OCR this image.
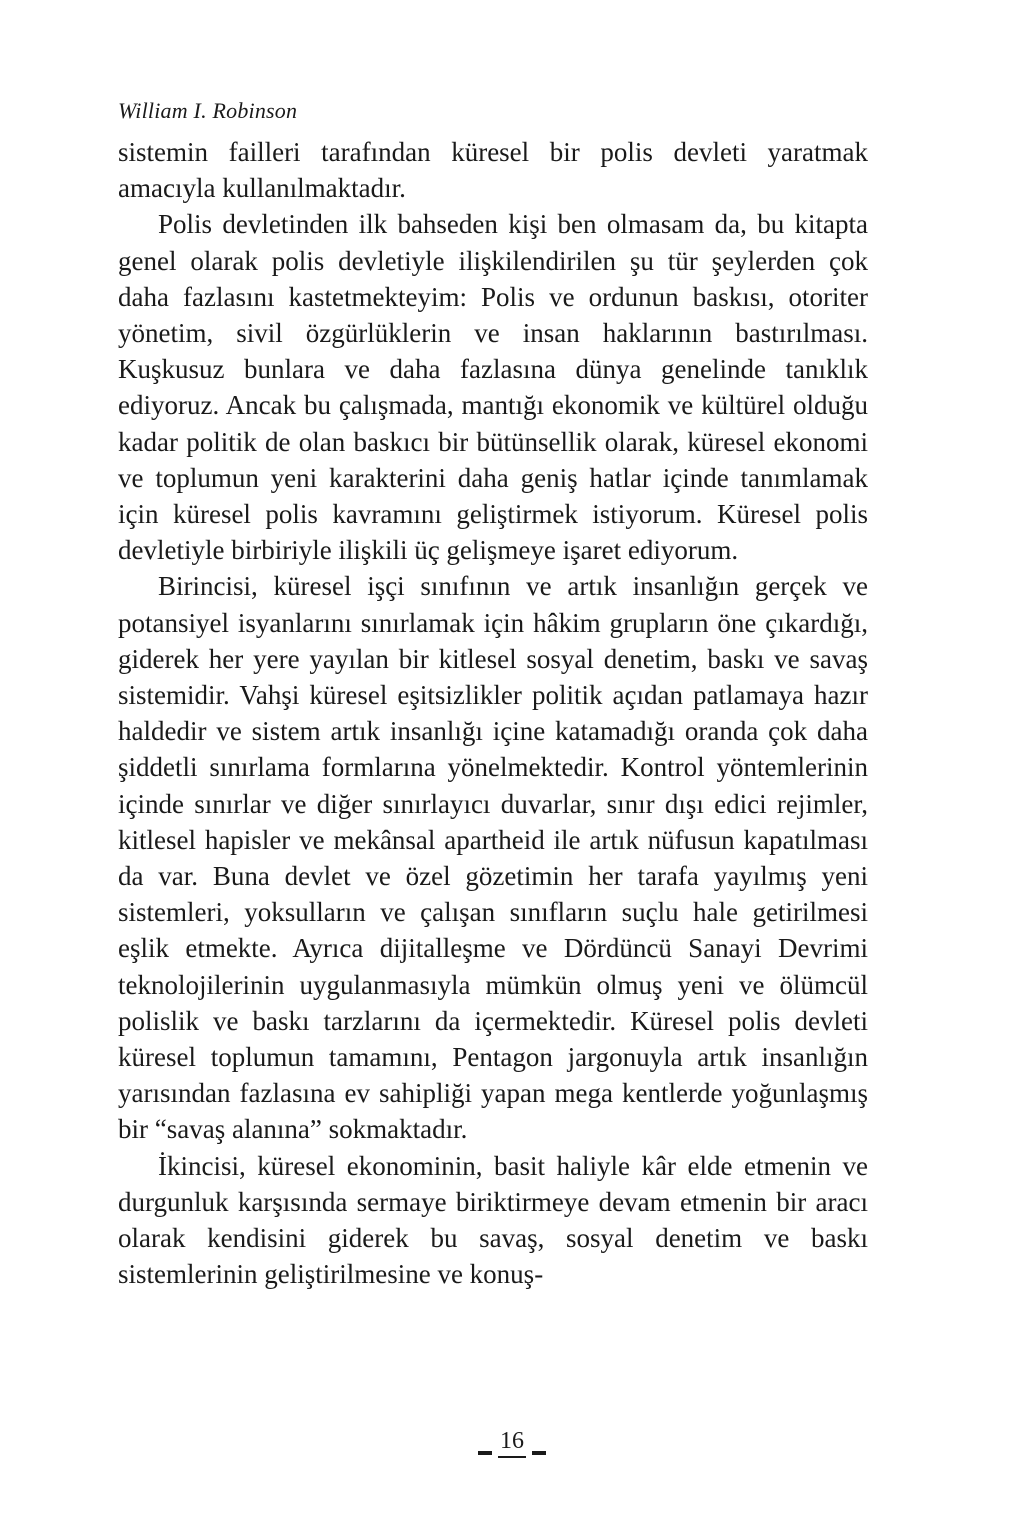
William I. Robinson

sistemin failleri tarafından küresel bir polis devleti yaratmak amacıyla kullanılmaktadır.

Polis devletinden ilk bahseden kişi ben olmasam da, bu kitapta genel olarak polis devletiyle ilişkilendirilen şu tür şeylerden çok daha fazlasını kastetmekteyim: Polis ve ordunun baskısı, otoriter yönetim, sivil özgürlüklerin ve insan haklarının bastırılması. Kuşkusuz bunlara ve daha fazlasına dünya genelinde tanıklık ediyoruz. Ancak bu çalışmada, mantığı ekonomik ve kültürel olduğu kadar politik de olan baskıcı bir bütünsellik olarak, küresel ekonomi ve toplumun yeni karakterini daha geniş hatlar içinde tanımlamak için küresel polis kavramını geliştirmek istiyorum. Küresel polis devletiyle birbiriyle ilişkili üç gelişmeye işaret ediyorum.

Birincisi, küresel işçi sınıfının ve artık insanlığın gerçek ve potansiyel isyanlarını sınırlamak için hâkim grupların öne çıkardığı, giderek her yere yayılan bir kitlesel sosyal denetim, baskı ve savaş sistemidir. Vahşi küresel eşitsizlikler politik açıdan patlamaya hazır haldedir ve sistem artık insanlığı içine katamadığı oranda çok daha şiddetli sınırlama formlarına yönelmektedir. Kontrol yöntemlerinin içinde sınırlar ve diğer sınırlayıcı duvarlar, sınır dışı edici rejimler, kitlesel hapisler ve mekânsal apartheid ile artık nüfusun kapatılması da var. Buna devlet ve özel gözetimin her tarafa yayılmış yeni sistemleri, yoksulların ve çalışan sınıfların suçlu hale getirilmesi eşlik etmekte. Ayrıca dijitalleşme ve Dördüncü Sanayi Devrimi teknolojilerinin uygulanmasıyla mümkün olmuş yeni ve ölümcül polislik ve baskı tarzlarını da içermektedir. Küresel polis devleti küresel toplumun tamamını, Pentagon jargonuyla artık insanlığın yarısından fazlasına ev sahipliği yapan mega kentlerde yoğunlaşmış bir “savaş alanına” sokmaktadır.

İkincisi, küresel ekonominin, basit haliyle kâr elde etmenin ve durgunluk karşısında sermaye biriktirmeye devam etmenin bir aracı olarak kendisini giderek bu savaş, sosyal denetim ve baskı sistemlerinin geliştirilmesine ve konuş-

16
